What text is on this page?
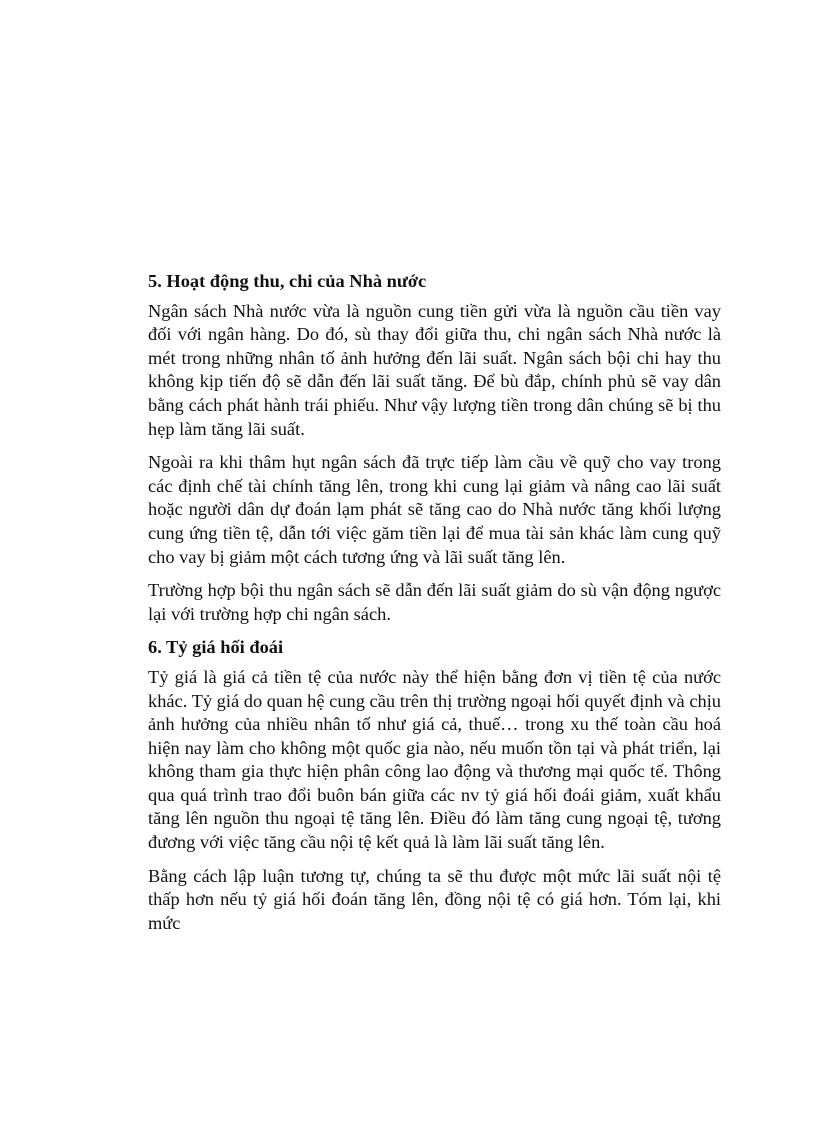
5. Hoạt động thu, chi của Nhà nước

Ngân sách Nhà nước vừa là nguồn cung tiền gửi vừa là nguồn cầu tiền vay đối với ngân hàng. Do đó, sù thay đổi giữa thu, chi ngân sách Nhà nước là mét trong những nhân tố ảnh hưởng đến lãi suất. Ngân sách bội chi hay thu không kịp tiến độ sẽ dẫn đến lãi suất tăng. Để bù đắp, chính phủ sẽ vay dân bằng cách phát hành trái phiếu. Như vậy lượng tiền trong dân chúng sẽ bị thu hẹp làm tăng lãi suất.

Ngoài ra khi thâm hụt ngân sách đã trực tiếp làm cầu về quỹ cho vay trong các định chế tài chính tăng lên, trong khi cung lại giảm và nâng cao lãi suất hoặc người dân dự đoán lạm phát sẽ tăng cao do Nhà nước tăng khối lượng cung ứng tiền tệ, dẫn tới việc găm tiền lại để mua tài sản khác làm cung quỹ cho vay bị giảm một cách tương ứng và lãi suất tăng lên.

Trường hợp bội thu ngân sách sẽ dẫn đến lãi suất giảm do sù vận động ngược lại với trường hợp chi ngân sách.

6. Tỷ giá hối đoái

Tỷ giá là giá cả tiền tệ của nước này thể hiện bằng đơn vị tiền tệ của nước khác. Tỷ giá do quan hệ cung cầu trên thị trường ngoại hối quyết định và chịu ảnh hưởng của nhiều nhân tố như giá cả, thuế… trong xu thế toàn cầu hoá hiện nay làm cho không một quốc gia nào, nếu muốn tồn tại và phát triển, lại không tham gia thực hiện phân công lao động và thương mại quốc tế. Thông qua quá trình trao đổi buôn bán giữa các nv tỷ giá hối đoái giảm, xuất khẩu tăng lên nguồn thu ngoại tệ tăng lên. Điều đó làm tăng cung ngoại tệ, tương đương với việc tăng cầu nội tệ kết quả là làm lãi suất tăng lên.

Bằng cách lập luận tương tự, chúng ta sẽ thu được một mức lãi suất nội tệ thấp hơn nếu tỷ giá hối đoán tăng lên, đồng nội tệ có giá hơn. Tóm lại, khi mức
